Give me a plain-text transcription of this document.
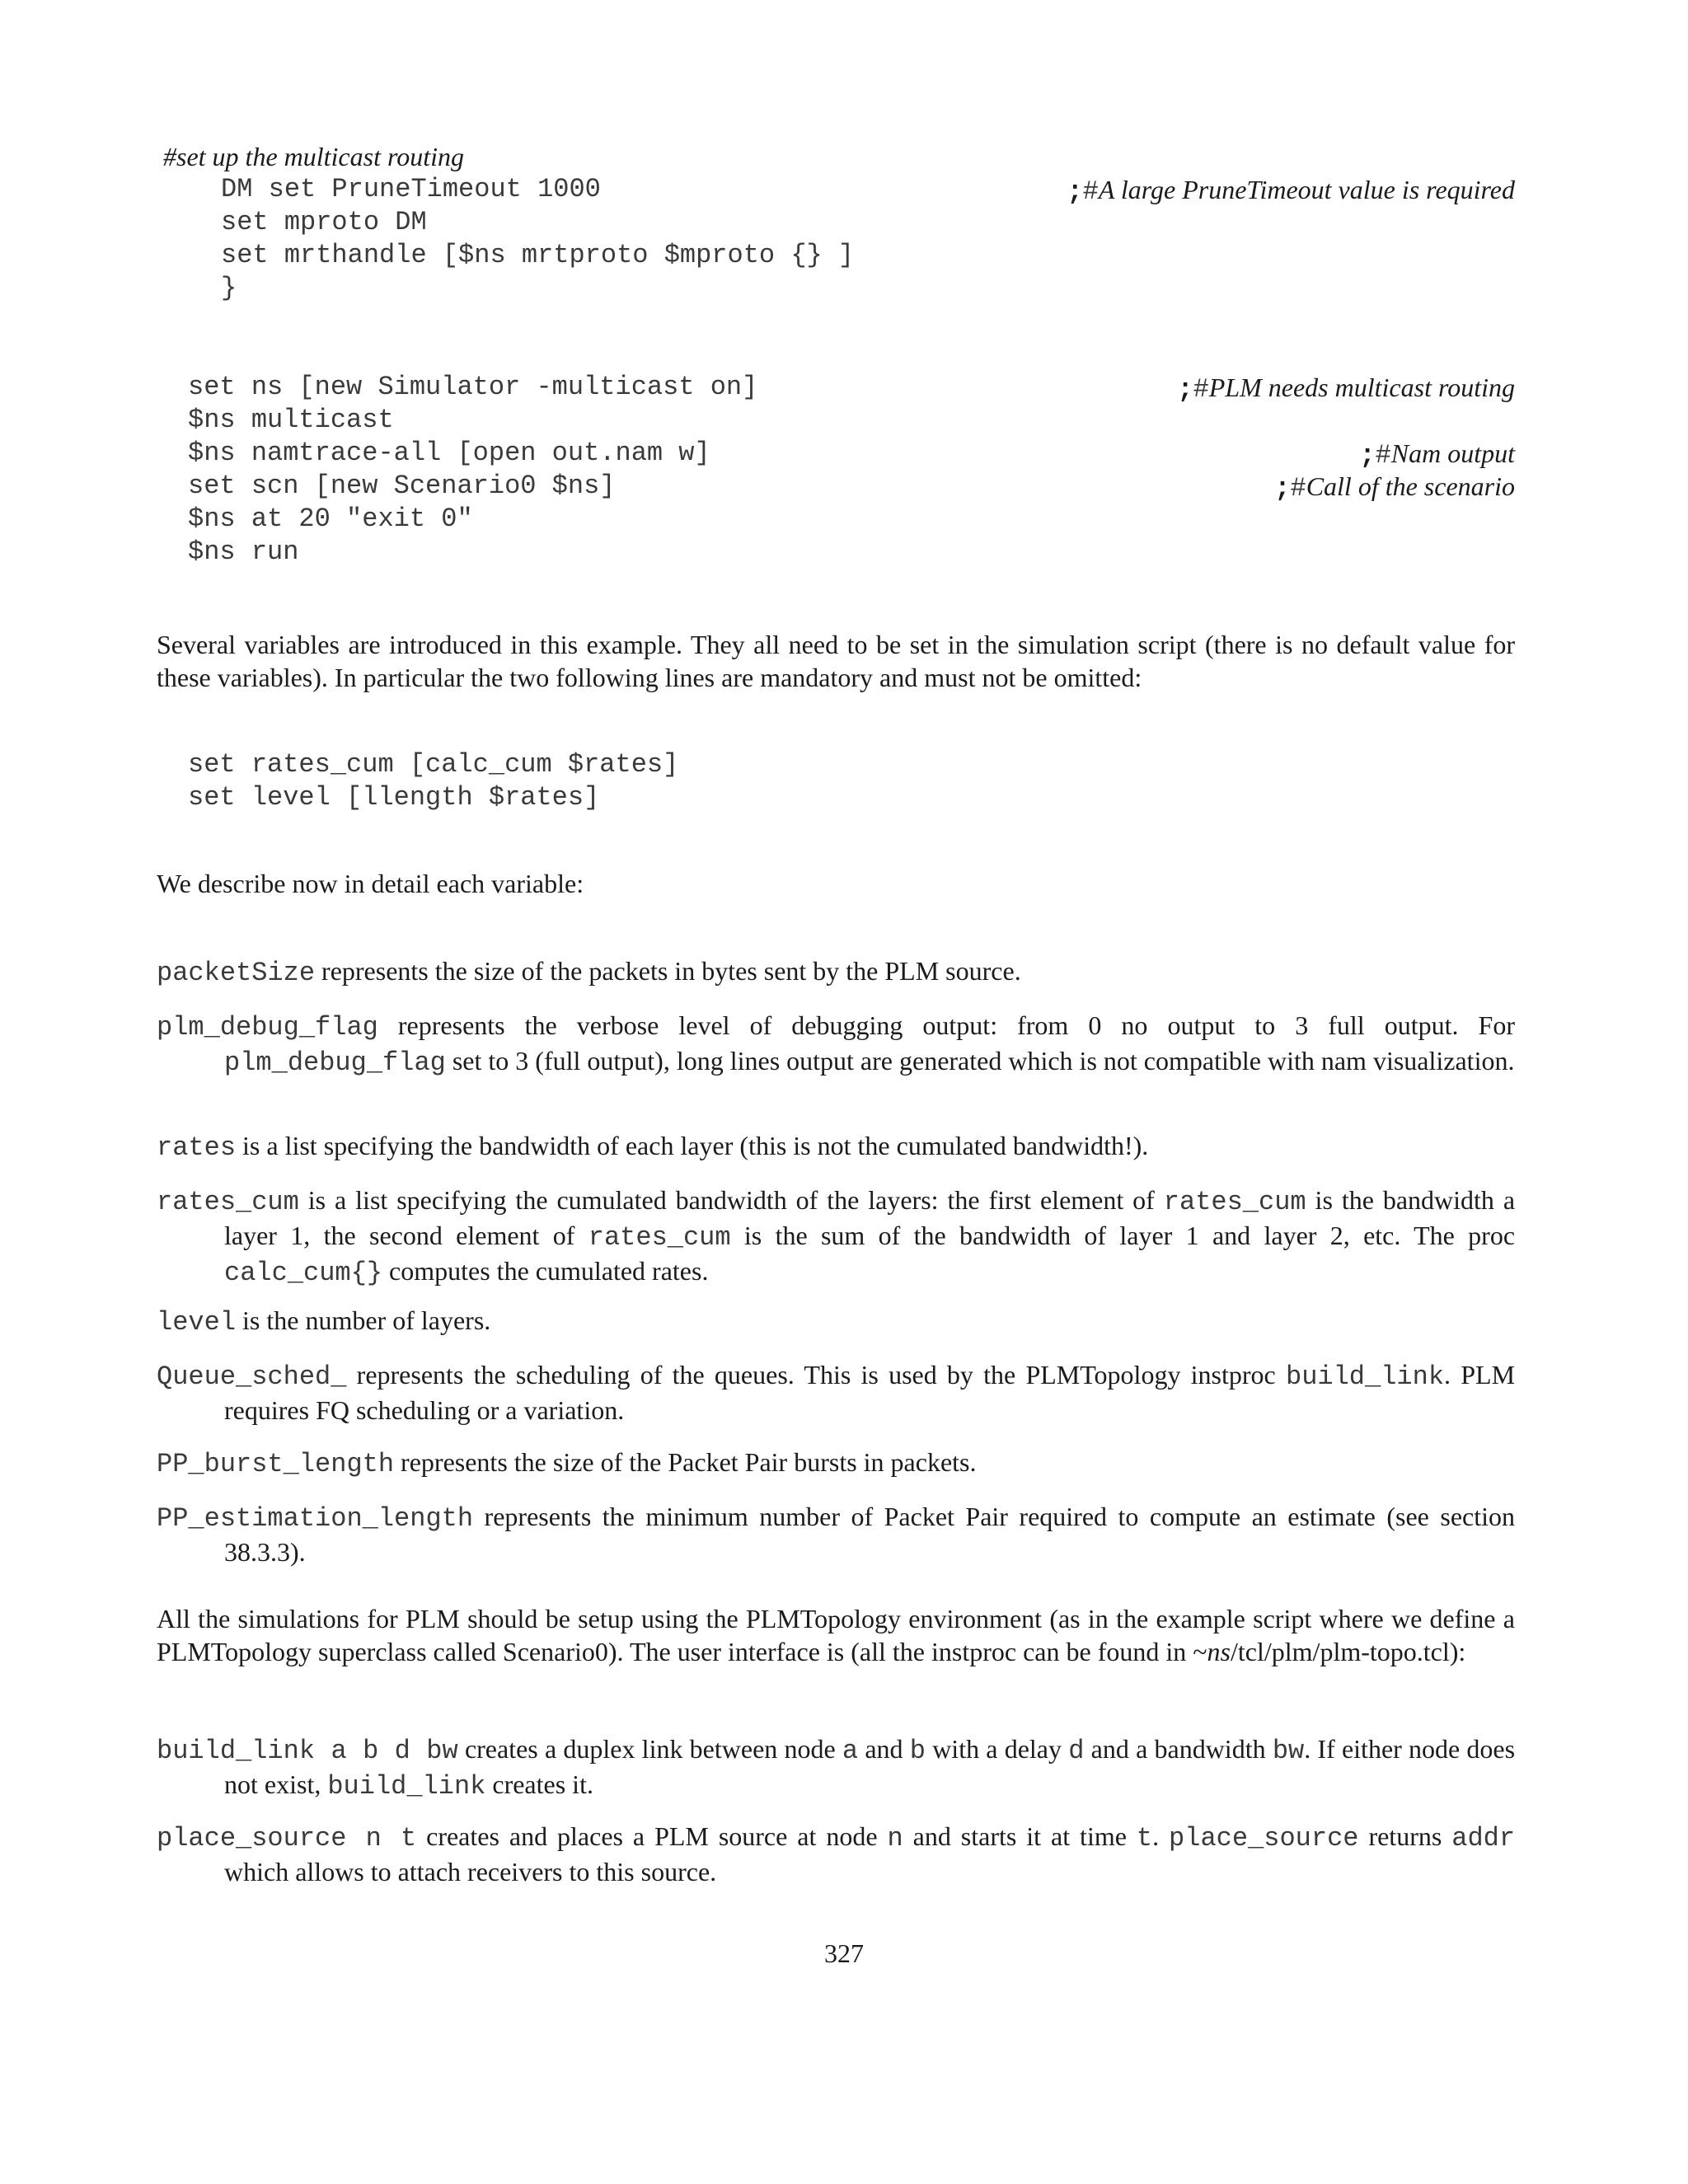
#set up the multicast routing

DM set PruneTimeout 1000

	;#A large PruneTimeout value is required

set mproto DM

set mrthandle [$ns mrtproto $mproto {} ]

}

set ns [new Simulator -multicast on]

	;#PLM needs multicast routing

$ns multicast

$ns namtrace-all [open out.nam w]

	;#Nam output

set scn [new Scenario0 $ns]

	;#Call of the scenario

$ns at 20 "exit 0"

$ns run

Several variables are introduced in this example. They all need to be set in the simulation script (there is no default value for these variables). In particular the two following lines are mandatory and must not be omitted:

set rates_cum [calc_cum $rates]

set level [llength $rates]

We describe now in detail each variable:

packetSize represents the size of the packets in bytes sent by the PLM source.

plm_debug_flag represents the verbose level of debugging output: from 0 no output to 3 full output. For plm_debug_flag set to 3 (full output), long lines output are generated which is not compatible with nam visualization.

rates is a list specifying the bandwidth of each layer (this is not the cumulated bandwidth!).

rates_cum is a list specifying the cumulated bandwidth of the layers: the first element of rates_cum is the bandwidth a layer 1, the second element of rates_cum is the sum of the bandwidth of layer 1 and layer 2, etc. The proc calc_cum{} computes the cumulated rates.

level is the number of layers.

Queue_sched_ represents the scheduling of the queues. This is used by the PLMTopology instproc build_link. PLM requires FQ scheduling or a variation.

PP_burst_length represents the size of the Packet Pair bursts in packets.

PP_estimation_length represents the minimum number of Packet Pair required to compute an estimate (see section 38.3.3).

All the simulations for PLM should be setup using the PLMTopology environment (as in the example script where we define a PLMTopology superclass called Scenario0). The user interface is (all the instproc can be found in ~ns/tcl/plm/plm-topo.tcl):

build_link a b d bw creates a duplex link between node a and b with a delay d and a bandwidth bw. If either node does not exist, build_link creates it.

place_source n t creates and places a PLM source at node n and starts it at time t. place_source returns addr which allows to attach receivers to this source.

327
